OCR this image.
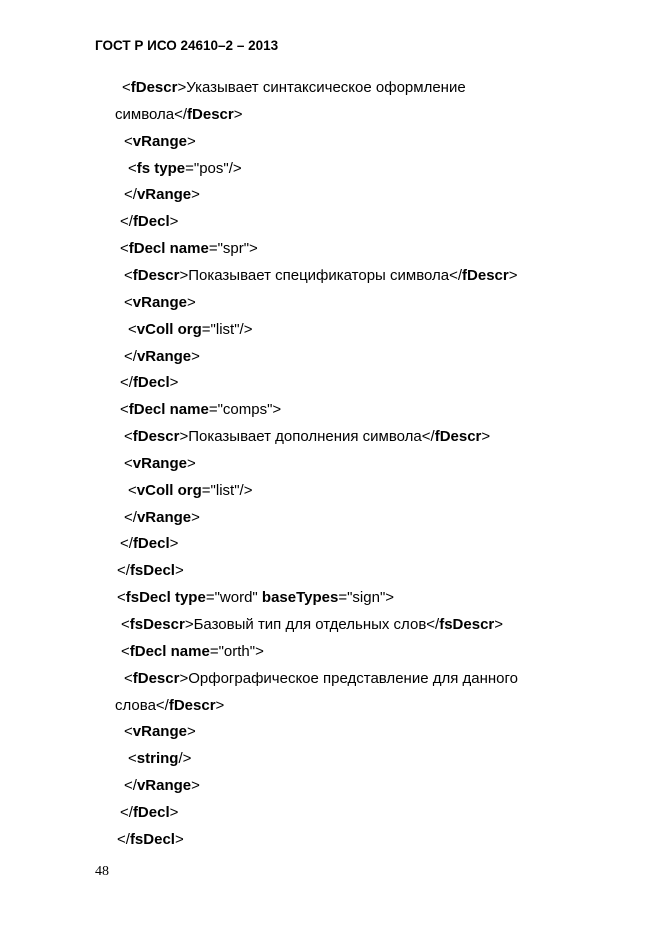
ГОСТ Р ИСО 24610–2 – 2013
<fDescr>Указывает синтаксическое оформление
символа</fDescr>
<vRange>
<fs type="pos"/>
</vRange>
</fDecl>
<fDecl name="spr">
<fDescr>Показывает спецификаторы символа</fDescr>
<vRange>
<vColl org="list"/>
</vRange>
</fDecl>
<fDecl name="comps">
<fDescr>Показывает дополнения символа</fDescr>
<vRange>
<vColl org="list"/>
</vRange>
</fDecl>
</fsDecl>
<fsDecl type="word" baseTypes="sign">
<fsDescr>Базовый тип для отдельных слов</fsDescr>
<fDecl name="orth">
<fDescr>Орфографическое представление для данного
слова</fDescr>
<vRange>
<string/>
</vRange>
</fDecl>
</fsDecl>
48
